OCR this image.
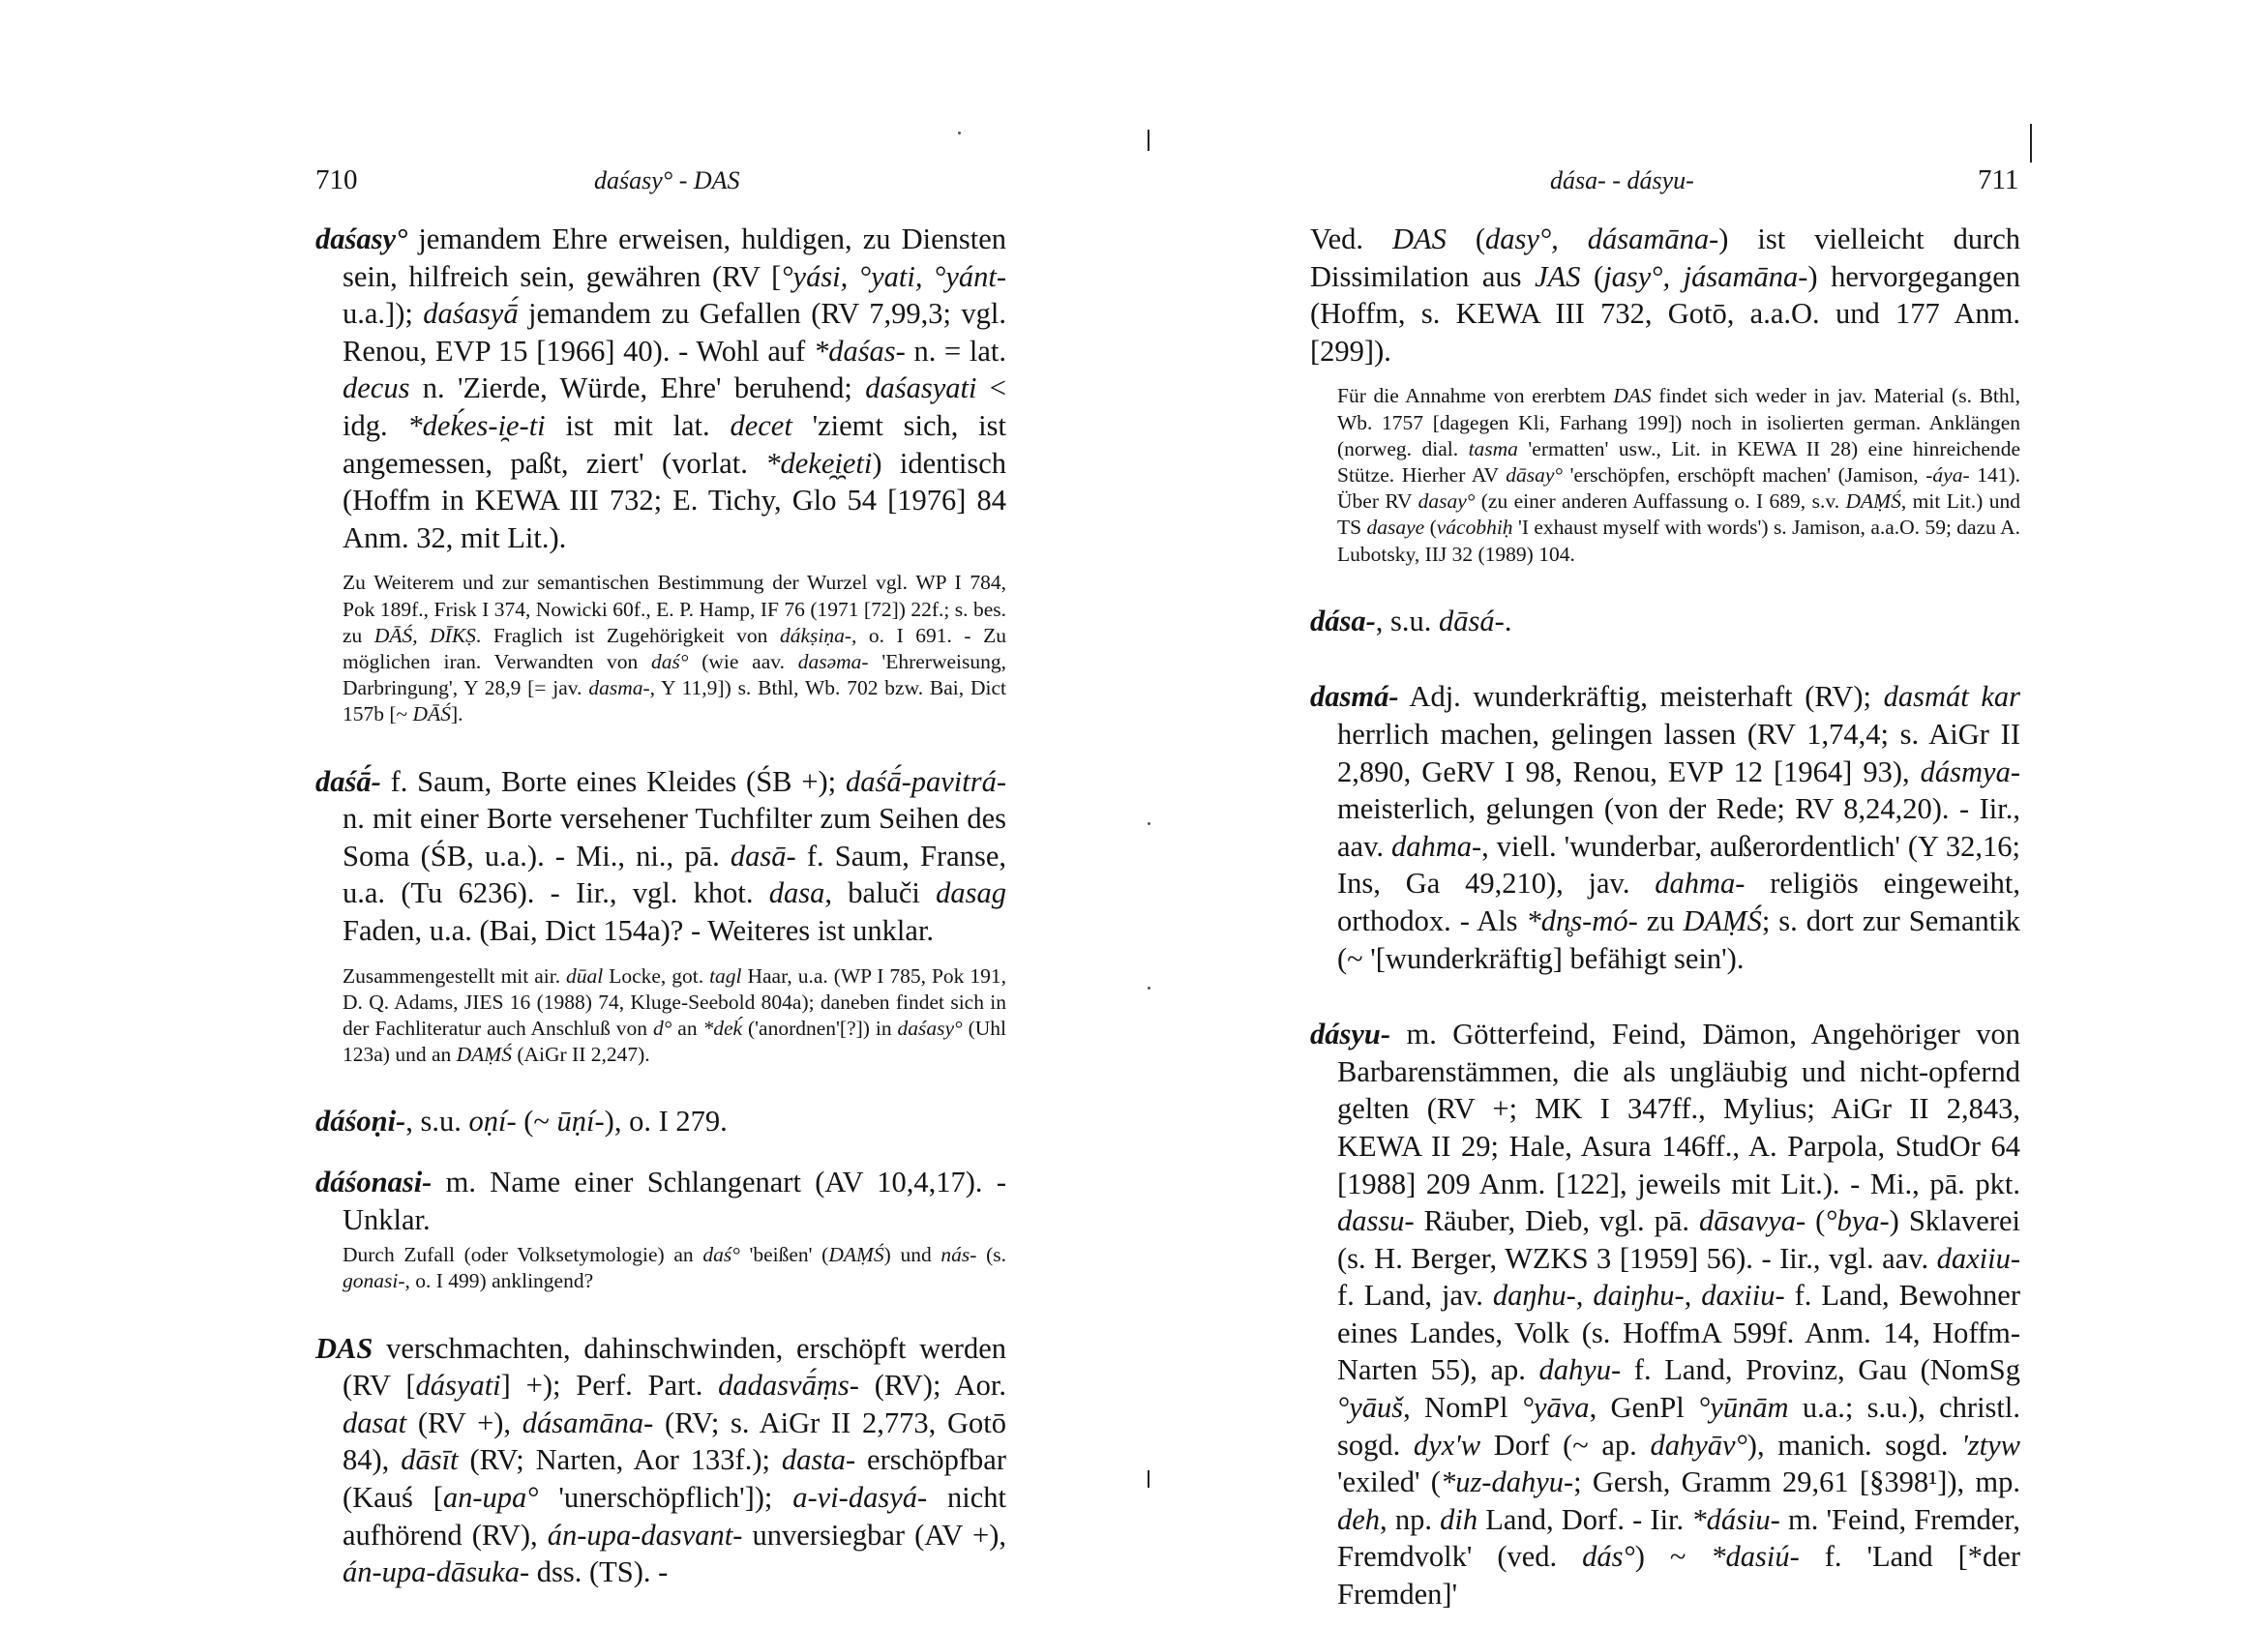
710	daśasy° - DAS

daśasy° jemandem Ehre erweisen, huldigen, zu Diensten sein, hilfreich sein, gewähren (RV [°yási, °yati, °yánt- u.a.]); daśasyā́ jemandem zu Gefallen (RV 7,99,3; vgl. Renou, EVP 15 [1966] 40). - Wohl auf *daśas- n. = lat. decus n. 'Zierde, Würde, Ehre' beruhend; daśasyati < idg. *deḱes-i̯e-ti ist mit lat. decet 'ziemt sich, ist angemessen, paßt, ziert' (vorlat. *deke̯i̯eti) identisch (Hoffm in KEWA III 732; E. Tichy, Glo 54 [1976] 84 Anm. 32, mit Lit.).

Zu Weiterem und zur semantischen Bestimmung der Wurzel vgl. WP I 784, Pok 189f., Frisk I 374, Nowicki 60f., E. P. Hamp, IF 76 (1971 [72]) 22f.; s. bes. zu DĀŚ, DĪKṢ. Fraglich ist Zugehörigkeit von dákṣiṇa-, o. I 691. - Zu möglichen iran. Verwandten von daś° (wie aav. dasəma- 'Ehrerweisung, Darbringung', Y 28,9 [= jav. dasma-, Y 11,9]) s. Bthl, Wb. 702 bzw. Bai, Dict 157b [~ DĀŚ].

daśā́- f. Saum, Borte eines Kleides (ŚB +); daśā́-pavitrá- n. mit einer Borte versehener Tuchfilter zum Seihen des Soma (ŚB, u.a.). - Mi., ni., pā. dasā- f. Saum, Franse, u.a. (Tu 6236). - Iir., vgl. khot. dasa, baluči dasag Faden, u.a. (Bai, Dict 154a)? - Weiteres ist unklar.

Zusammengestellt mit air. dūal Locke, got. tagl Haar, u.a. (WP I 785, Pok 191, D. Q. Adams, JIES 16 (1988) 74, Kluge-Seebold 804a); daneben findet sich in der Fachliteratur auch Anschluß von d° an *deḱ ('anordnen'[?]) in daśasy° (Uhl 123a) und an DAṂŚ (AiGr II 2,247).

dáśoṇi-, s.u. oṇí- (~ ūṇí-), o. I 279.

dáśonasi- m. Name einer Schlangenart (AV 10,4,17). - Unklar.

Durch Zufall (oder Volksetymologie) an daś° 'beißen' (DAṂŚ) und nás- (s. gonasi-, o. I 499) anklingend?

DAS verschmachten, dahinschwinden, erschöpft werden (RV [dásyati] +); Perf. Part. dadasvā́ṃs- (RV); Aor. dasat (RV +), dásamāna- (RV; s. AiGr II 2,773, Gotō 84), dāsīt (RV; Narten, Aor 133f.); dasta- erschöpfbar (Kauś [an-upa° 'unerschöpflich']); a-vi-dasyá- nicht aufhörend (RV), án-upa-dasvant- unversiegbar (AV +), án-upa-dāsuka- dss. (TS). -

dása- - dásyu-	711

Ved. DAS (dasy°, dásamāna-) ist vielleicht durch Dissimilation aus JAS (jasy°, jásamāna-) hervorgegangen (Hoffm, s. KEWA III 732, Gotō, a.a.O. und 177 Anm. [299]).

Für die Annahme von ererbtem DAS findet sich weder in jav. Material (s. Bthl, Wb. 1757 [dagegen Kli, Farhang 199]) noch in isolierten german. Anklängen (norweg. dial. tasma 'ermatten' usw., Lit. in KEWA II 28) eine hinreichende Stütze. Hierher AV dāsay° 'erschöpfen, erschöpft machen' (Jamison, -áya- 141). Über RV dasay° (zu einer anderen Auffassung o. I 689, s.v. DAṂŚ, mit Lit.) und TS dasaye (vácobhiḥ 'I exhaust myself with words') s. Jamison, a.a.O. 59; dazu A. Lubotsky, IIJ 32 (1989) 104.

dása-, s.u. dāsá-.

dasmá- Adj. wunderkräftig, meisterhaft (RV); dasmát kar herrlich machen, gelingen lassen (RV 1,74,4; s. AiGr II 2,890, GeRV I 98, Renou, EVP 12 [1964] 93), dásmya- meisterlich, gelungen (von der Rede; RV 8,24,20). - Iir., aav. dahma-, viell. 'wunderbar, außerordentlich' (Y 32,16; Ins, Ga 49,210), jav. dahma- religiös eingeweiht, orthodox. - Als *dn̥s-mó- zu DAṂŚ; s. dort zur Semantik (~ '[wunderkräftig] befähigt sein').

dásyu- m. Götterfeind, Feind, Dämon, Angehöriger von Barbarenstämmen, die als ungläubig und nicht-opfernd gelten (RV +; MK I 347ff., Mylius; AiGr II 2,843, KEWA II 29; Hale, Asura 146ff., A. Parpola, StudOr 64 [1988] 209 Anm. [122], jeweils mit Lit.). - Mi., pā. pkt. dassu- Räuber, Dieb, vgl. pā. dāsavya- (°bya-) Sklaverei (s. H. Berger, WZKS 3 [1959] 56). - Iir., vgl. aav. daxiiu- f. Land, jav. daŋhu-, daiŋhu-, daxiiu- f. Land, Bewohner eines Landes, Volk (s. HoffmA 599f. Anm. 14, Hoffm-Narten 55), ap. dahyu- f. Land, Provinz, Gau (NomSg °yāuš, NomPl °yāva, GenPl °yūnām u.a.; s.u.), christl. sogd. dyx'w Dorf (~ ap. dahyāv°), manich. sogd. 'ztyw 'exiled' (*uz-dahyu-; Gersh, Gramm 29,61 [§398¹]), mp. deh, np. dih Land, Dorf. - Iir. *dásiu- m. 'Feind, Fremder, Fremdvolk' (ved. dás°) ~ *dasiú- f. 'Land [*der Fremden]'
